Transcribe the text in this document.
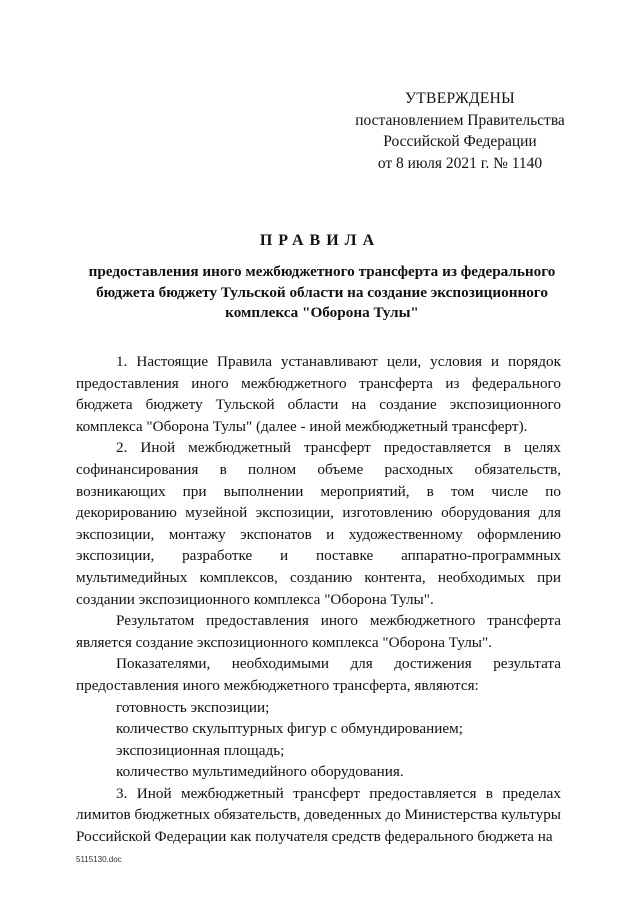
УТВЕРЖДЕНЫ
постановлением Правительства
Российской Федерации
от 8 июля 2021 г. № 1140
ПРАВИЛА
предоставления иного межбюджетного трансферта из федерального бюджета бюджету Тульской области на создание экспозиционного комплекса "Оборона Тулы"

1. Настоящие Правила устанавливают цели, условия и порядок предоставления иного межбюджетного трансферта из федерального бюджета бюджету Тульской области на создание экспозиционного комплекса "Оборона Тулы" (далее - иной межбюджетный трансферт).

2. Иной межбюджетный трансферт предоставляется в целях софинансирования в полном объеме расходных обязательств, возникающих при выполнении мероприятий, в том числе по декорированию музейной экспозиции, изготовлению оборудования для экспозиции, монтажу экспонатов и художественному оформлению экспозиции, разработке и поставке аппаратно-программных мультимедийных комплексов, созданию контента, необходимых при создании экспозиционного комплекса "Оборона Тулы".

Результатом предоставления иного межбюджетного трансферта является создание экспозиционного комплекса "Оборона Тулы".

Показателями, необходимыми для достижения результата предоставления иного межбюджетного трансферта, являются:

готовность экспозиции;

количество скульптурных фигур с обмундированием;

экспозиционная площадь;

количество мультимедийного оборудования.

3. Иной межбюджетный трансферт предоставляется в пределах лимитов бюджетных обязательств, доведенных до Министерства культуры Российской Федерации как получателя средств федерального бюджета на

5115130.doc
